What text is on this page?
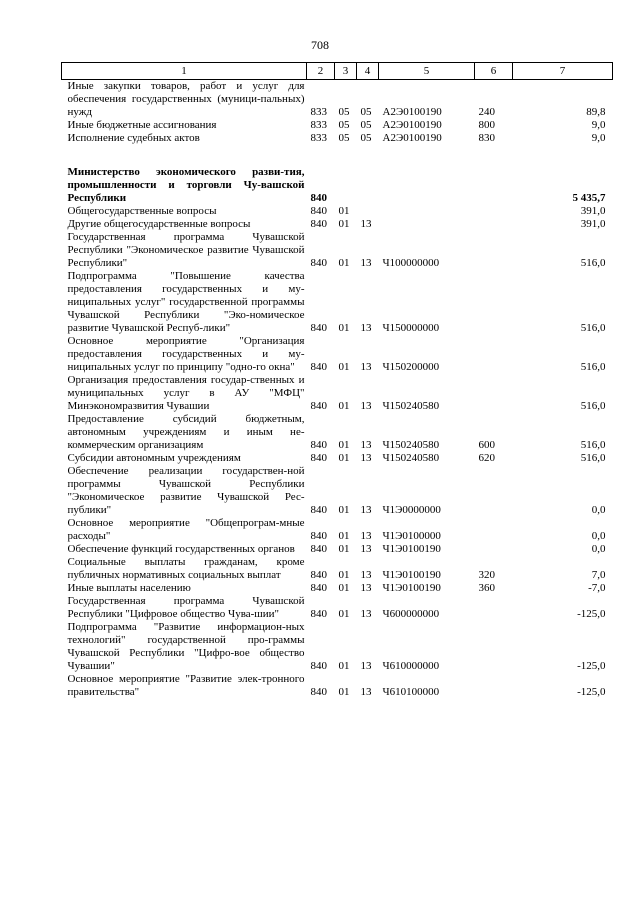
708
1	2	3	4	5	6	7
Иные закупки товаров, работ и услуг для обеспечения государственных (муници-пальных) нужд	833	05	05	А2Э0100190	240	89,8
Иные бюджетные ассигнования	833	05	05	А2Э0100190	800	9,0
Исполнение судебных актов	833	05	05	А2Э0100190	830	9,0

Министерство экономического разви-тия, промышленности и торговли Чу-вашской Республики	840					5 435,7
Общегосударственные вопросы	840	01				391,0
Другие общегосударственные вопросы	840	01	13			391,0
Государственная программа Чувашской Республики "Экономическое развитие Чувашской Республики"	840	01	13	Ч100000000		516,0
Подпрограмма "Повышение качества предоставления государственных и му-ниципальных услуг" государственной программы Чувашской Республики "Эко-номическое развитие Чувашской Респуб-лики"	840	01	13	Ч150000000		516,0
Основное мероприятие "Организация предоставления государственных и му-ниципальных услуг по принципу "одно-го окна"	840	01	13	Ч150200000		516,0
Организация предоставления государ-ственных и муниципальных услуг в АУ "МФЦ" Минэкономразвития Чувашии	840	01	13	Ч150240580		516,0
Предоставление субсидий бюджетным, автономным учреждениям и иным не-коммерческим организациям	840	01	13	Ч150240580	600	516,0
Субсидии автономным учреждениям	840	01	13	Ч150240580	620	516,0
Обеспечение реализации государствен-ной программы Чувашской Республики "Экономическое развитие Чувашской Рес-публики"	840	01	13	Ч1Э0000000		0,0
Основное мероприятие "Общепрограм-мные расходы"	840	01	13	Ч1Э0100000		0,0
Обеспечение функций государственных органов	840	01	13	Ч1Э0100190		0,0
Социальные выплаты гражданам, кроме публичных нормативных социальных выплат	840	01	13	Ч1Э0100190	320	7,0
Иные выплаты населению	840	01	13	Ч1Э0100190	360	-7,0
Государственная программа Чувашской Республики "Цифровое общество Чува-шии"	840	01	13	Ч600000000		-125,0
Подпрограмма "Развитие информацион-ных технологий" государственной про-граммы Чувашской Республики "Цифро-вое общество Чувашии"	840	01	13	Ч610000000		-125,0
Основное мероприятие "Развитие элек-тронного правительства"	840	01	13	Ч610100000		-125,0
